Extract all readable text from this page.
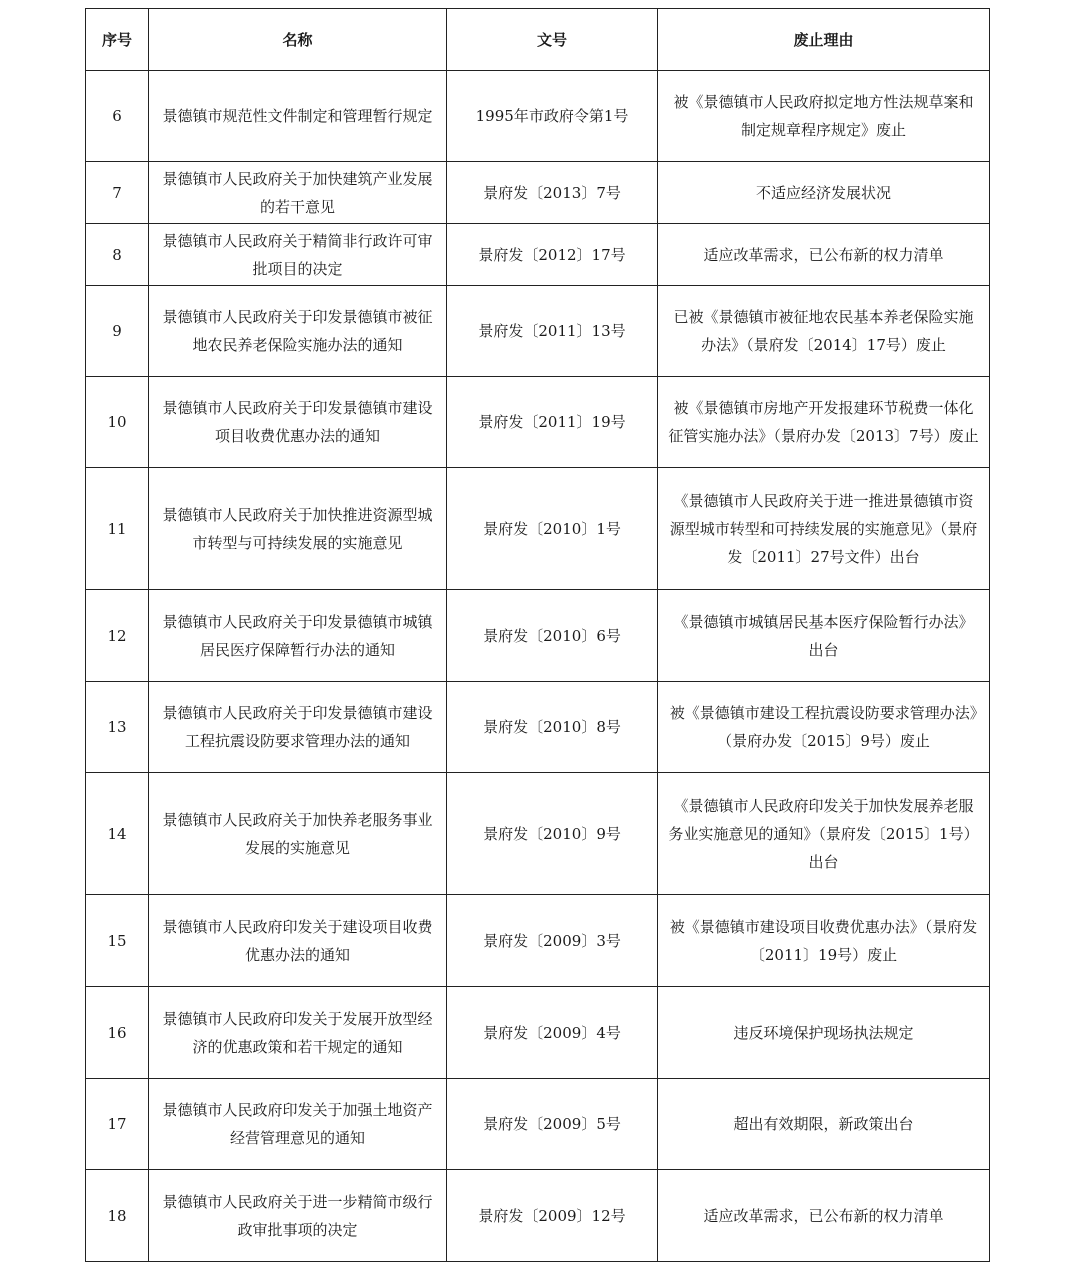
序号	名称	文号	废止理由
6	景德镇市规范性文件制定和管理暂行规定	1995年市政府令第1号	被《景德镇市人民政府拟定地方性法规草案和制定规章程序规定》废止
7	景德镇市人民政府关于加快建筑产业发展的若干意见	景府发〔2013〕7号	不适应经济发展状况
8	景德镇市人民政府关于精简非行政许可审批项目的决定	景府发〔2012〕17号	适应改革需求，已公布新的权力清单
9	景德镇市人民政府关于印发景德镇市被征地农民养老保险实施办法的通知	景府发〔2011〕13号	已被《景德镇市被征地农民基本养老保险实施办法》（景府发〔2014〕17号）废止
10	景德镇市人民政府关于印发景德镇市建设项目收费优惠办法的通知	景府发〔2011〕19号	被《景德镇市房地产开发报建环节税费一体化征管实施办法》（景府办发〔2013〕7号）废止
11	景德镇市人民政府关于加快推进资源型城市转型与可持续发展的实施意见	景府发〔2010〕1号	《景德镇市人民政府关于进一推进景德镇市资源型城市转型和可持续发展的实施意见》（景府发〔2011〕27号文件）出台
12	景德镇市人民政府关于印发景德镇市城镇居民医疗保障暂行办法的通知	景府发〔2010〕6号	《景德镇市城镇居民基本医疗保险暂行办法》出台
13	景德镇市人民政府关于印发景德镇市建设工程抗震设防要求管理办法的通知	景府发〔2010〕8号	被《景德镇市建设工程抗震设防要求管理办法》（景府办发〔2015〕9号）废止
14	景德镇市人民政府关于加快养老服务事业发展的实施意见	景府发〔2010〕9号	《景德镇市人民政府印发关于加快发展养老服务业实施意见的通知》（景府发〔2015〕1号）出台
15	景德镇市人民政府印发关于建设项目收费优惠办法的通知	景府发〔2009〕3号	被《景德镇市建设项目收费优惠办法》（景府发〔2011〕19号）废止
16	景德镇市人民政府印发关于发展开放型经济的优惠政策和若干规定的通知	景府发〔2009〕4号	违反环境保护现场执法规定
17	景德镇市人民政府印发关于加强土地资产经营管理意见的通知	景府发〔2009〕5号	超出有效期限，新政策出台
18	景德镇市人民政府关于进一步精简市级行政审批事项的决定	景府发〔2009〕12号	适应改革需求，已公布新的权力清单
